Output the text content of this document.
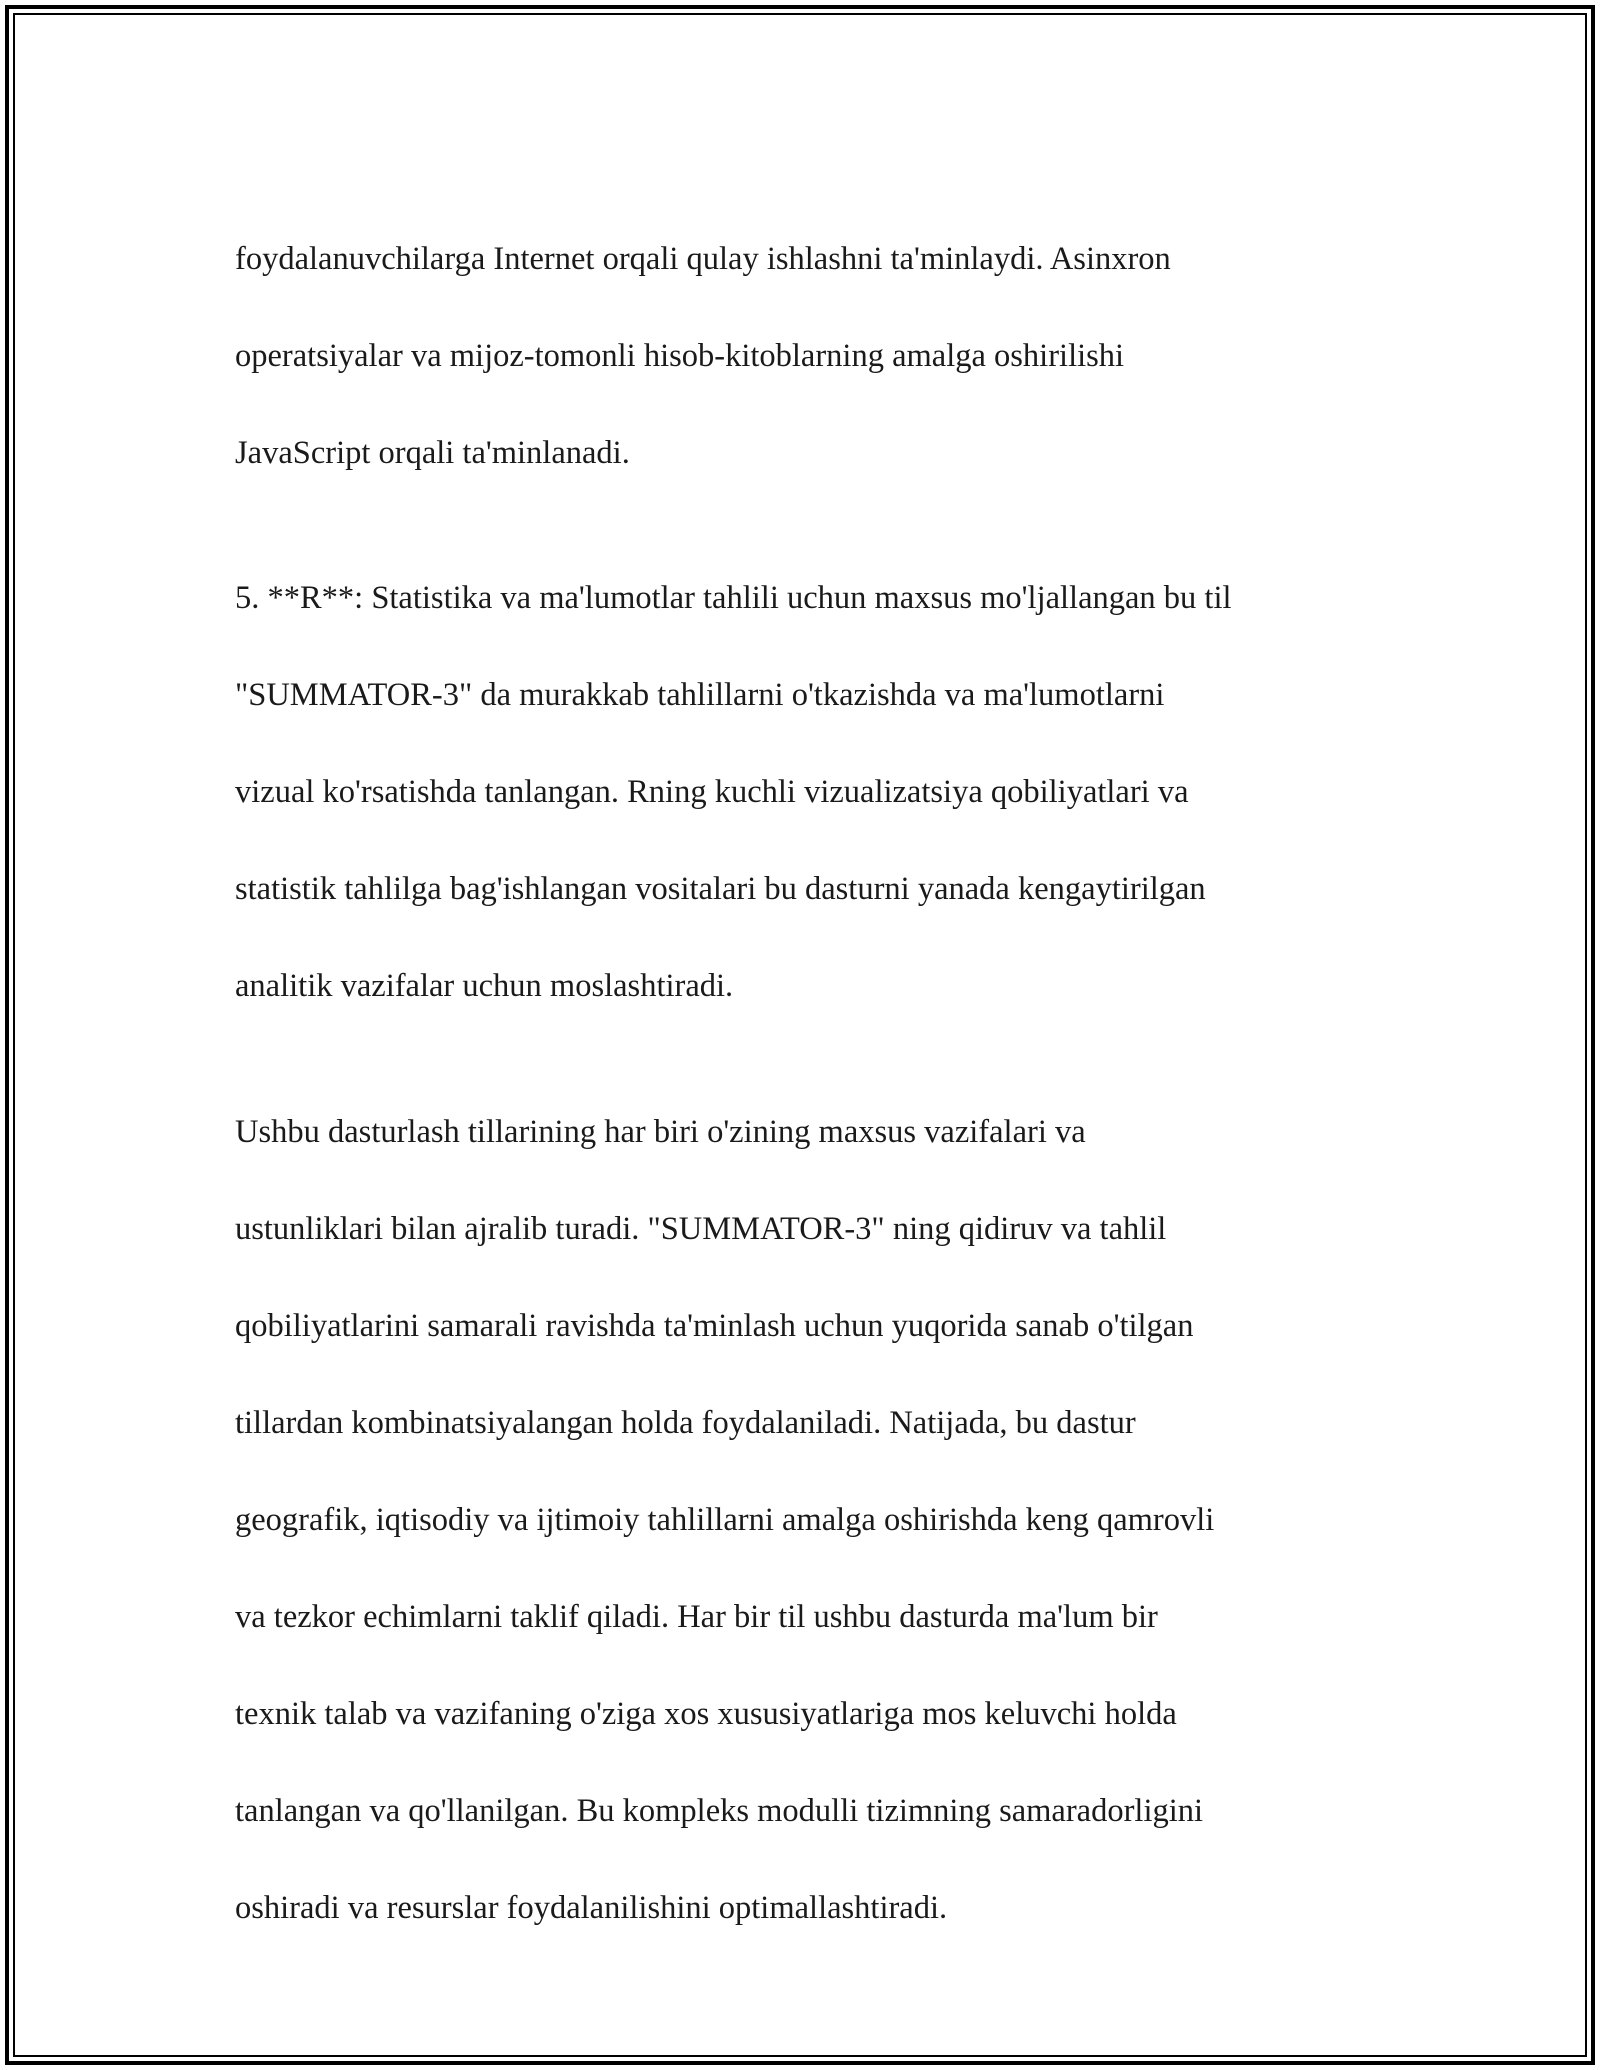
foydalanuvchilarga Internet orqali qulay ishlashni ta'minlaydi. Asinxron

operatsiyalar va mijoz-tomonli hisob-kitoblarning amalga oshirilishi

JavaScript orqali ta'minlanadi.

5. **R**: Statistika va ma'lumotlar tahlili uchun maxsus mo'ljallangan bu til

"SUMMATOR-3" da murakkab tahlillarni o'tkazishda va ma'lumotlarni

vizual ko'rsatishda tanlangan. Rning kuchli vizualizatsiya qobiliyatlari va

statistik tahlilga bag'ishlangan vositalari bu dasturni yanada kengaytirilgan

analitik vazifalar uchun moslashtiradi.

Ushbu dasturlash tillarining har biri o'zining maxsus vazifalari va

ustunliklari bilan ajralib turadi. "SUMMATOR-3" ning qidiruv va tahlil

qobiliyatlarini samarali ravishda ta'minlash uchun yuqorida sanab o'tilgan

tillardan kombinatsiyalangan holda foydalaniladi. Natijada, bu dastur

geografik, iqtisodiy va ijtimoiy tahlillarni amalga oshirishda keng qamrovli

va tezkor echimlarni taklif qiladi. Har bir til ushbu dasturda ma'lum bir

texnik talab va vazifaning o'ziga xos xususiyatlariga mos keluvchi holda

tanlangan va qo'llanilgan. Bu kompleks modulli tizimning samaradorligini

oshiradi va resurslar foydalanilishini optimallashtiradi.
